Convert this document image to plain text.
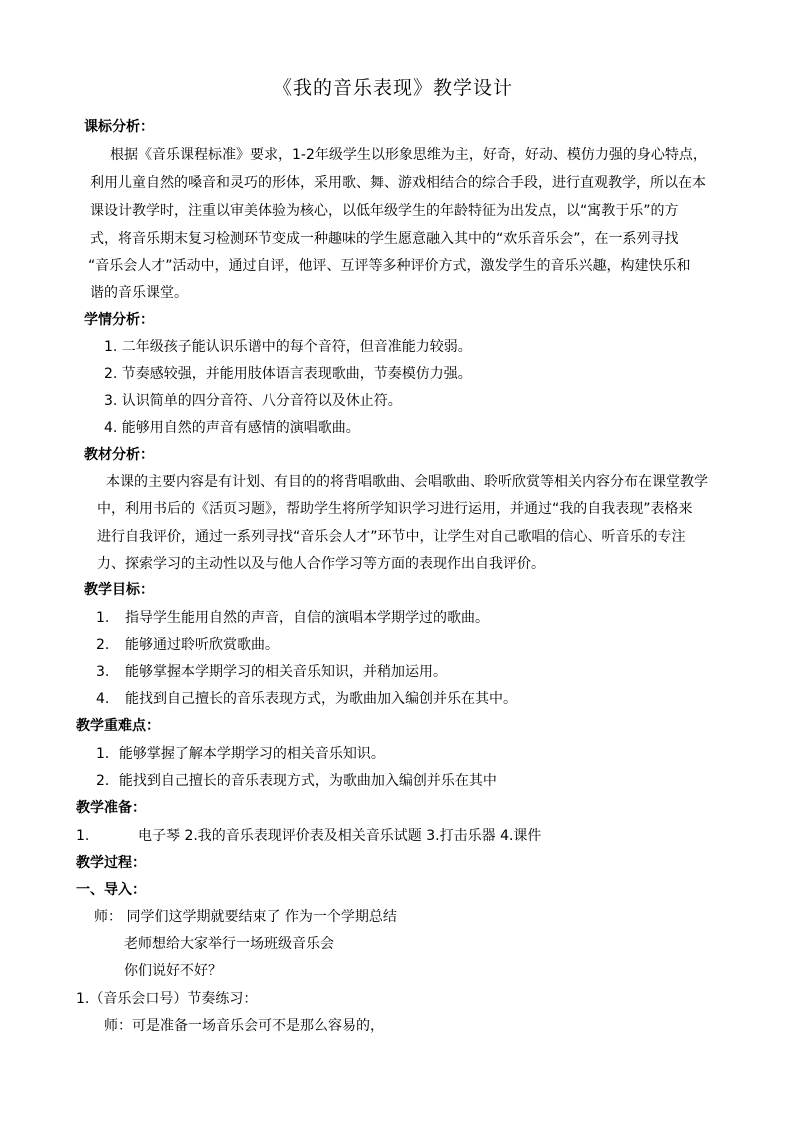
《我的音乐表现》教学设计
课标分析：
根据《音乐课程标准》要求，1-2年级学生以形象思维为主，好奇，好动、模仿力强的身心特点，
利用儿童自然的嗓音和灵巧的形体，采用歌、舞、游戏相结合的综合手段，进行直观教学，所以在本
课设计教学时，注重以审美体验为核心，以低年级学生的年龄特征为出发点，以“寓教于乐”的方
式，将音乐期末复习检测环节变成一种趣味的学生愿意融入其中的“欢乐音乐会”，在一系列寻找
“音乐会人才”活动中，通过自评，他评、互评等多种评价方式，激发学生的音乐兴趣，构建快乐和
谐的音乐课堂。
学情分析：
1. 二年级孩子能认识乐谱中的每个音符，但音准能力较弱。
2. 节奏感较强，并能用肢体语言表现歌曲，节奏模仿力强。
3. 认识简单的四分音符、八分音符以及休止符。
4. 能够用自然的声音有感情的演唱歌曲。
教材分析：
本课的主要内容是有计划、有目的的将背唱歌曲、会唱歌曲、聆听欣赏等相关内容分布在课堂教学
中，利用书后的《活页习题》，帮助学生将所学知识学习进行运用，并通过“我的自我表现”表格来
进行自我评价，通过一系列寻找“音乐会人才”环节中，让学生对自己歌唱的信心、听音乐的专注
力、探索学习的主动性以及与他人合作学习等方面的表现作出自我评价。
教学目标：
1. 指导学生能用自然的声音，自信的演唱本学期学过的歌曲。
2. 能够通过聆听欣赏歌曲。
3. 能够掌握本学期学习的相关音乐知识，并稍加运用。
4. 能找到自己擅长的音乐表现方式，为歌曲加入编创并乐在其中。
教学重难点：
1．能够掌握了解本学期学习的相关音乐知识。
2．能找到自己擅长的音乐表现方式，为歌曲加入编创并乐在其中
教学准备：
1.	电子琴 2.我的音乐表现评价表及相关音乐试题 3.打击乐器 4.课件
教学过程：
一、导入：
师： 同学们这学期就要结束了 作为一个学期总结
老师想给大家举行一场班级音乐会
你们说好不好？
1.（音乐会口号）节奏练习：
师：可是准备一场音乐会可不是那么容易的，
